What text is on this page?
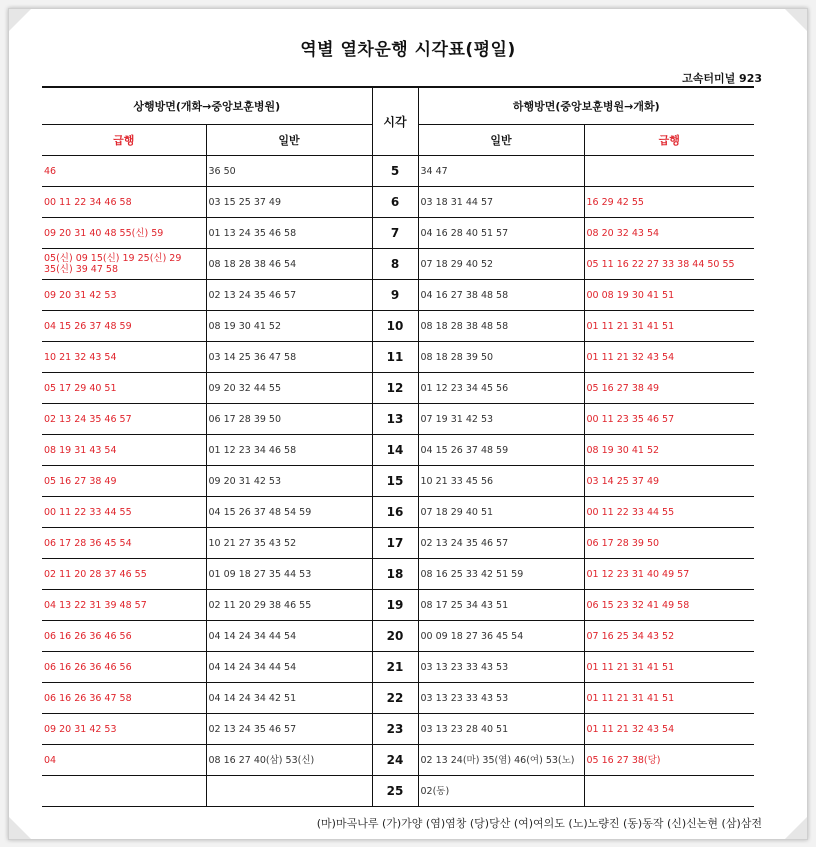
역별 열차운행 시각표(평일)
고속터미널 923
상행방면(개화→중앙보훈병원)		시각	하행방면(중앙보훈병원→개화)	
급행	일반		일반	급행
46	36 50	5	34 47	
00 11 22 34 46 58	03 15 25 37 49	6	03 18 31 44 57	16 29 42 55
09 20 31 40 48 55(신) 59	01 13 24 35 46 58	7	04 16 28 40 51 57	08 20 32 43 54
05(신) 09 15(신) 19 25(신) 29 35(신) 39 47 58	08 18 28 38 46 54	8	07 18 29 40 52	05 11 16 22 27 33 38 44 50 55
09 20 31 42 53	02 13 24 35 46 57	9	04 16 27 38 48 58	00 08 19 30 41 51
04 15 26 37 48 59	08 19 30 41 52	10	08 18 28 38 48 58	01 11 21 31 41 51
10 21 32 43 54	03 14 25 36 47 58	11	08 18 28 39 50	01 11 21 32 43 54
05 17 29 40 51	09 20 32 44 55	12	01 12 23 34 45 56	05 16 27 38 49
02 13 24 35 46 57	06 17 28 39 50	13	07 19 31 42 53	00 11 23 35 46 57
08 19 31 43 54	01 12 23 34 46 58	14	04 15 26 37 48 59	08 19 30 41 52
05 16 27 38 49	09 20 31 42 53	15	10 21 33 45 56	03 14 25 37 49
00 11 22 33 44 55	04 15 26 37 48 54 59	16	07 18 29 40 51	00 11 22 33 44 55
06 17 28 36 45 54	10 21 27 35 43 52	17	02 13 24 35 46 57	06 17 28 39 50
02 11 20 28 37 46 55	01 09 18 27 35 44 53	18	08 16 25 33 42 51 59	01 12 23 31 40 49 57
04 13 22 31 39 48 57	02 11 20 29 38 46 55	19	08 17 25 34 43 51	06 15 23 32 41 49 58
06 16 26 36 46 56	04 14 24 34 44 54	20	00 09 18 27 36 45 54	07 16 25 34 43 52
06 16 26 36 46 56	04 14 24 34 44 54	21	03 13 23 33 43 53	01 11 21 31 41 51
06 16 26 36 47 58	04 14 24 34 42 51	22	03 13 23 33 43 53	01 11 21 31 41 51
09 20 31 42 53	02 13 24 35 46 57	23	03 13 23 28 40 51	01 11 21 32 43 54
04	08 16 27 40(삼) 53(신)	24	02 13 24(마) 35(염) 46(여) 53(노)	05 16 27 38(당)
		25	02(동)	
(마)마곡나루 (가)가양 (염)염창 (당)당산 (여)여의도 (노)노량진 (동)동작 (신)신논현 (삼)삼전
